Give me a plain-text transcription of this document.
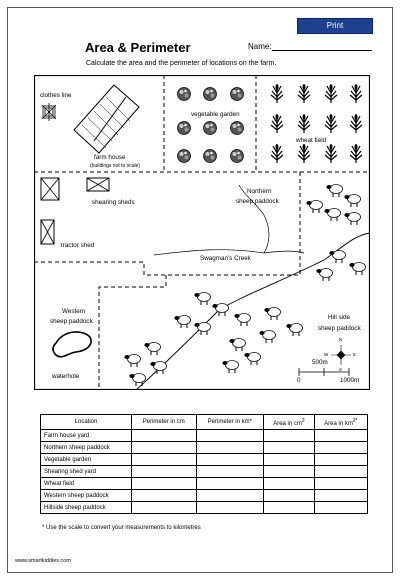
Print
Area & Perimeter	Name:
Calculate the area and the perimeter of locations on the farm.
clothes line
farm house
(buildings not to scale)
vegetable garden
wheat field
shearing sheds
tractor shed
Northern
sheep paddock
Swagman's Creek
Western
sheep paddock
Hill side
sheep paddock
waterhole
500m
0	1000m
N
S
E
W
Location	Perimeter in cm	Perimeter in km*	Area in $cm^2$	Area in $km^{2*}$
Farm house yard				
Northern sheep paddock				
Vegetable garden				
Shearing shed yard				
Wheat field				
Western sheep paddock				
Hillside sheep paddock				
* Use the scale to convert your measurements to kilometres
www.smartkiddies.com
